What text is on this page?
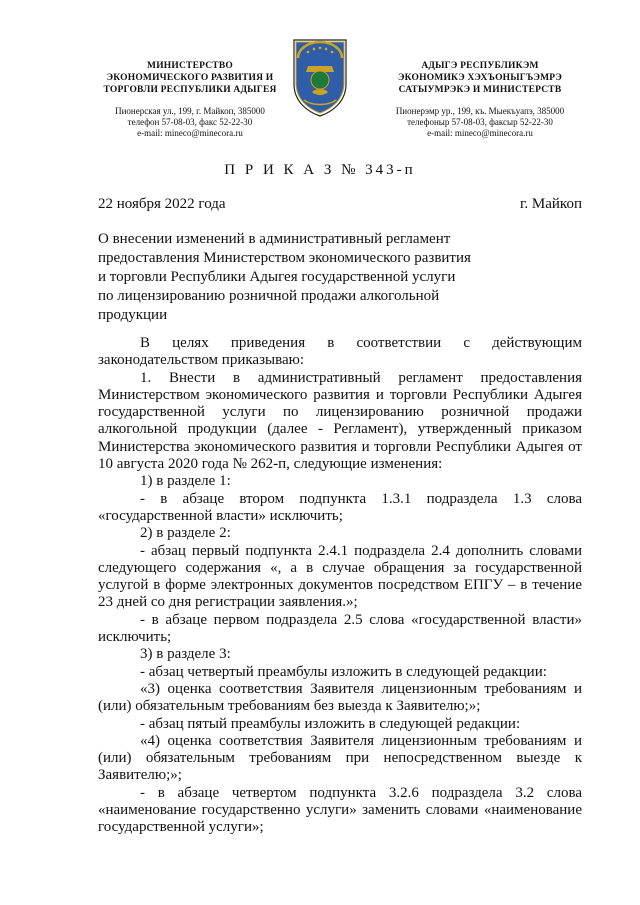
МИНИСТЕРСТВО
ЭКОНОМИЧЕСКОГО РАЗВИТИЯ И
ТОРГОВЛИ РЕСПУБЛИКИ АДЫГЕЯ
Пионерская ул., 199, г. Майкоп, 385000
телефон 57-08-03, факс 52-22-30
e-mail: mineco@minecora.ru
АДЫГЭ РЕСПУБЛИКЭМ
ЭКОНОМИКЭ ХЭХЪОНЫГЪЭМРЭ
САТЫУМРЭКЭ И МИНИСТЕРСТВ
Пионерэмр ур., 199, къ. Мыекъуапэ, 385000
телефоныр 57-08-03, факсыр 52-22-30
e-mail: mineco@minecora.ru
П Р И К А З № 343-п
22 ноября 2022 года	г. Майкоп
О внесении изменений в административный регламент
предоставления Министерством экономического развития
и торговли Республики Адыгея государственной услуги
по лицензированию розничной продажи алкогольной
продукции

В целях приведения в соответствии с действующим законодательством приказываю:

1. Внести в административный регламент предоставления Министерством экономического развития и торговли Республики Адыгея государственной услуги по лицензированию розничной продажи алкогольной продукции (далее - Регламент), утвержденный приказом Министерства экономического развития и торговли Республики Адыгея от 10 августа 2020 года № 262-п, следующие изменения:

1) в разделе 1:

- в абзаце втором подпункта 1.3.1 подраздела 1.3 слова «государственной власти» исключить;

2) в разделе 2:

- абзац первый подпункта 2.4.1 подраздела 2.4 дополнить словами следующего содержания «, а в случае обращения за государственной услугой в форме электронных документов посредством ЕПГУ – в течение 23 дней со дня регистрации заявления.»;

- в абзаце первом подраздела 2.5 слова «государственной власти» исключить;

3) в разделе 3:

- абзац четвертый преамбулы изложить в следующей редакции:

«3) оценка соответствия Заявителя лицензионным требованиям и (или) обязательным требованиям без выезда к Заявителю;»;

- абзац пятый преамбулы изложить в следующей редакции:

«4) оценка соответствия Заявителя лицензионным требованиям и (или) обязательным требованиям при непосредственном выезде к Заявителю;»;

- в абзаце четвертом подпункта 3.2.6 подраздела 3.2 слова «наименование государственно услуги» заменить словами «наименование государственной услуги»;
